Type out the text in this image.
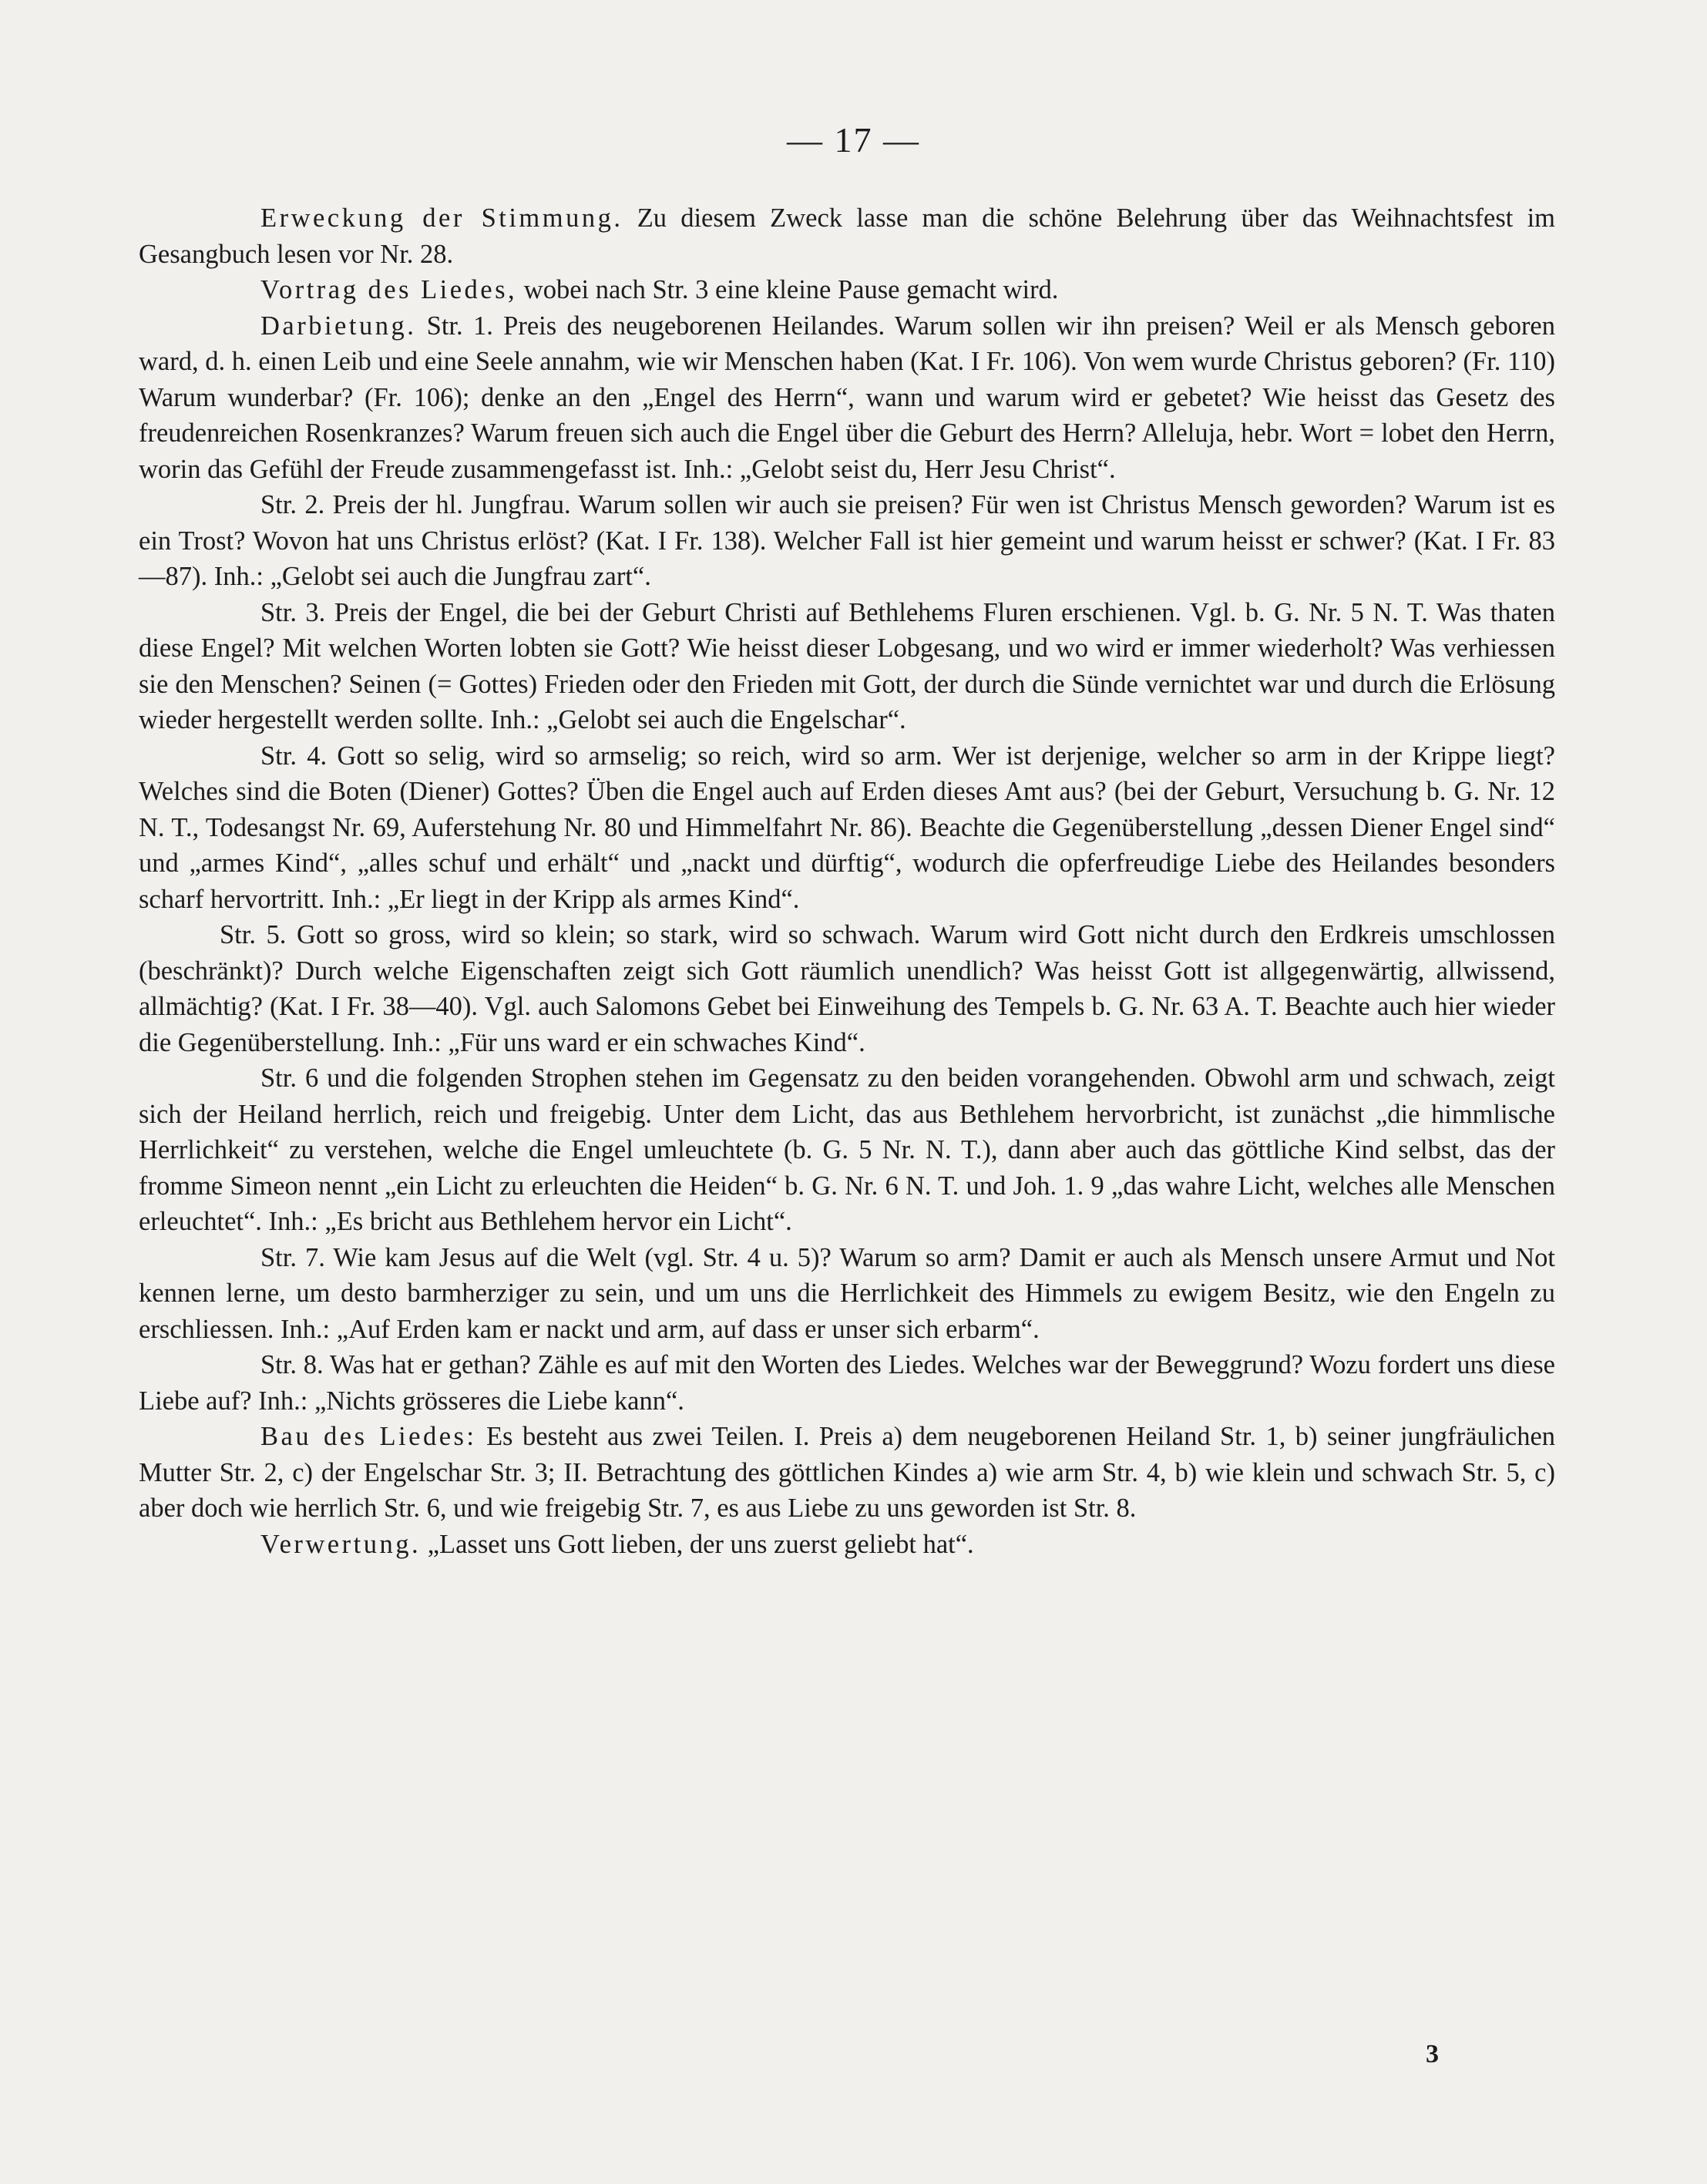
— 17 —

Erweckung der Stimmung. Zu diesem Zweck lasse man die schöne Belehrung über das Weihnachtsfest im Gesangbuch lesen vor Nr. 28.

Vortrag des Liedes, wobei nach Str. 3 eine kleine Pause gemacht wird.

Darbietung. Str. 1. Preis des neugeborenen Heilandes. Warum sollen wir ihn preisen? Weil er als Mensch geboren ward, d. h. einen Leib und eine Seele annahm, wie wir Menschen haben (Kat. I Fr. 106). Von wem wurde Christus geboren? (Fr. 110) Warum wunderbar? (Fr. 106); denke an den „Engel des Herrn“, wann und warum wird er gebetet? Wie heisst das Gesetz des freudenreichen Rosenkranzes? Warum freuen sich auch die Engel über die Geburt des Herrn? Alleluja, hebr. Wort = lobet den Herrn, worin das Gefühl der Freude zusammengefasst ist. Inh.: „Gelobt seist du, Herr Jesu Christ“.

Str. 2. Preis der hl. Jungfrau. Warum sollen wir auch sie preisen? Für wen ist Christus Mensch geworden? Warum ist es ein Trost? Wovon hat uns Christus erlöst? (Kat. I Fr. 138). Welcher Fall ist hier gemeint und warum heisst er schwer? (Kat. I Fr. 83—87). Inh.: „Gelobt sei auch die Jungfrau zart“.

Str. 3. Preis der Engel, die bei der Geburt Christi auf Bethlehems Fluren erschienen. Vgl. b. G. Nr. 5 N. T. Was thaten diese Engel? Mit welchen Worten lobten sie Gott? Wie heisst dieser Lobgesang, und wo wird er immer wiederholt? Was verhiessen sie den Menschen? Seinen (= Gottes) Frieden oder den Frieden mit Gott, der durch die Sünde vernichtet war und durch die Erlösung wieder hergestellt werden sollte. Inh.: „Gelobt sei auch die Engelschar“.

Str. 4. Gott so selig, wird so armselig; so reich, wird so arm. Wer ist derjenige, welcher so arm in der Krippe liegt? Welches sind die Boten (Diener) Gottes? Üben die Engel auch auf Erden dieses Amt aus? (bei der Geburt, Versuchung b. G. Nr. 12 N. T., Todesangst Nr. 69, Auferstehung Nr. 80 und Himmelfahrt Nr. 86). Beachte die Gegenüberstellung „dessen Diener Engel sind“ und „armes Kind“, „alles schuf und erhält“ und „nackt und dürftig“, wodurch die opferfreudige Liebe des Heilandes besonders scharf hervortritt. Inh.: „Er liegt in der Kripp als armes Kind“.

Str. 5. Gott so gross, wird so klein; so stark, wird so schwach. Warum wird Gott nicht durch den Erdkreis umschlossen (beschränkt)? Durch welche Eigenschaften zeigt sich Gott räumlich unendlich? Was heisst Gott ist allgegenwärtig, allwissend, allmächtig? (Kat. I Fr. 38—40). Vgl. auch Salomons Gebet bei Einweihung des Tempels b. G. Nr. 63 A. T. Beachte auch hier wieder die Gegenüberstellung. Inh.: „Für uns ward er ein schwaches Kind“.

Str. 6 und die folgenden Strophen stehen im Gegensatz zu den beiden vorangehenden. Obwohl arm und schwach, zeigt sich der Heiland herrlich, reich und freigebig. Unter dem Licht, das aus Bethlehem hervorbricht, ist zunächst „die himmlische Herrlichkeit“ zu verstehen, welche die Engel umleuchtete (b. G. 5 Nr. N. T.), dann aber auch das göttliche Kind selbst, das der fromme Simeon nennt „ein Licht zu erleuchten die Heiden“ b. G. Nr. 6 N. T. und Joh. 1. 9 „das wahre Licht, welches alle Menschen erleuchtet“. Inh.: „Es bricht aus Bethlehem hervor ein Licht“.

Str. 7. Wie kam Jesus auf die Welt (vgl. Str. 4 u. 5)? Warum so arm? Damit er auch als Mensch unsere Armut und Not kennen lerne, um desto barmherziger zu sein, und um uns die Herrlichkeit des Himmels zu ewigem Besitz, wie den Engeln zu erschliessen. Inh.: „Auf Erden kam er nackt und arm, auf dass er unser sich erbarm“.

Str. 8. Was hat er gethan? Zähle es auf mit den Worten des Liedes. Welches war der Beweggrund? Wozu fordert uns diese Liebe auf? Inh.: „Nichts grösseres die Liebe kann“.

Bau des Liedes: Es besteht aus zwei Teilen. I. Preis a) dem neugeborenen Heiland Str. 1, b) seiner jungfräulichen Mutter Str. 2, c) der Engelschar Str. 3; II. Betrachtung des göttlichen Kindes a) wie arm Str. 4, b) wie klein und schwach Str. 5, c) aber doch wie herrlich Str. 6, und wie freigebig Str. 7, es aus Liebe zu uns geworden ist Str. 8.

Verwertung. „Lasset uns Gott lieben, der uns zuerst geliebt hat“.

3
